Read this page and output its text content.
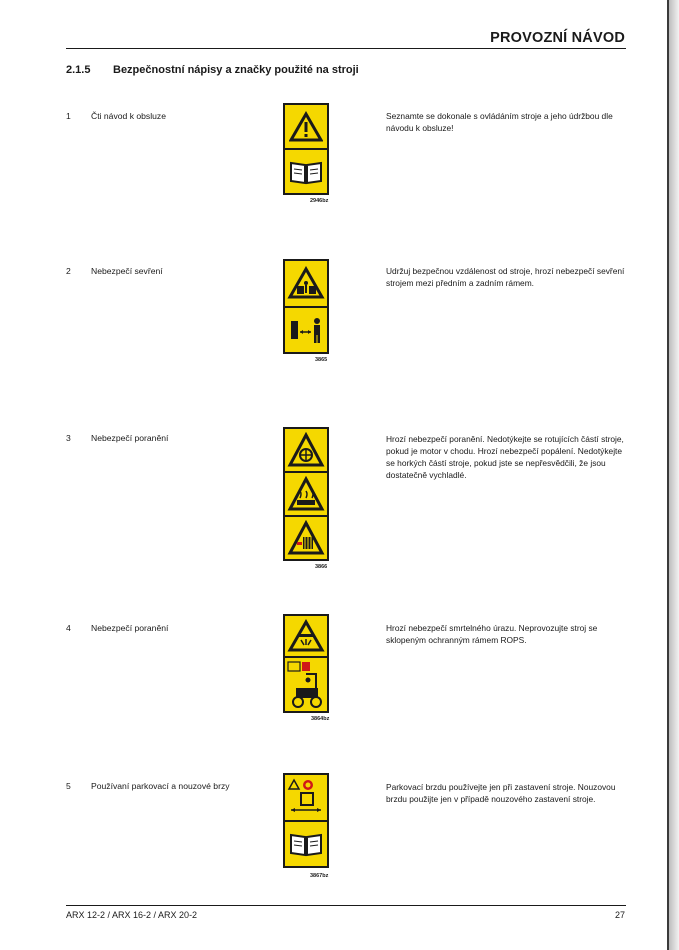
PROVOZNÍ NÁVOD
2.1.5 Bezpečnostní nápisy a značky použité na stroji
1 Čti návod k obsluze
2946bz
Seznamte se dokonale s ovládáním stroje a jeho údržbou dle návodu k obsluze!
2 Nebezpečí sevření
3865
Udržuj bezpečnou vzdálenost od stroje, hrozí nebezpečí sevření strojem mezi předním a zadním rámem.
3 Nebezpečí poranění
3866
Hrozí nebezpečí poranění. Nedotýkejte se rotujících částí stroje, pokud je motor v chodu. Hrozí nebezpečí popálení. Nedotýkejte se horkých částí stroje, pokud jste se nepřesvědčili, že jsou dostatečně vychladlé.
4 Nebezpečí poranění
3864bz
Hrozí nebezpečí smrtelného úrazu. Neprovozujte stroj se sklopeným ochranným rámem ROPS.
5 Používaní parkovací a nouzové brzy
3867bz
Parkovací brzdu používejte jen při zastavení stroje. Nouzovou brzdu použijte jen v případě nouzového zastavení stroje.
ARX 12-2 / ARX 16-2 / ARX 20-2	27
